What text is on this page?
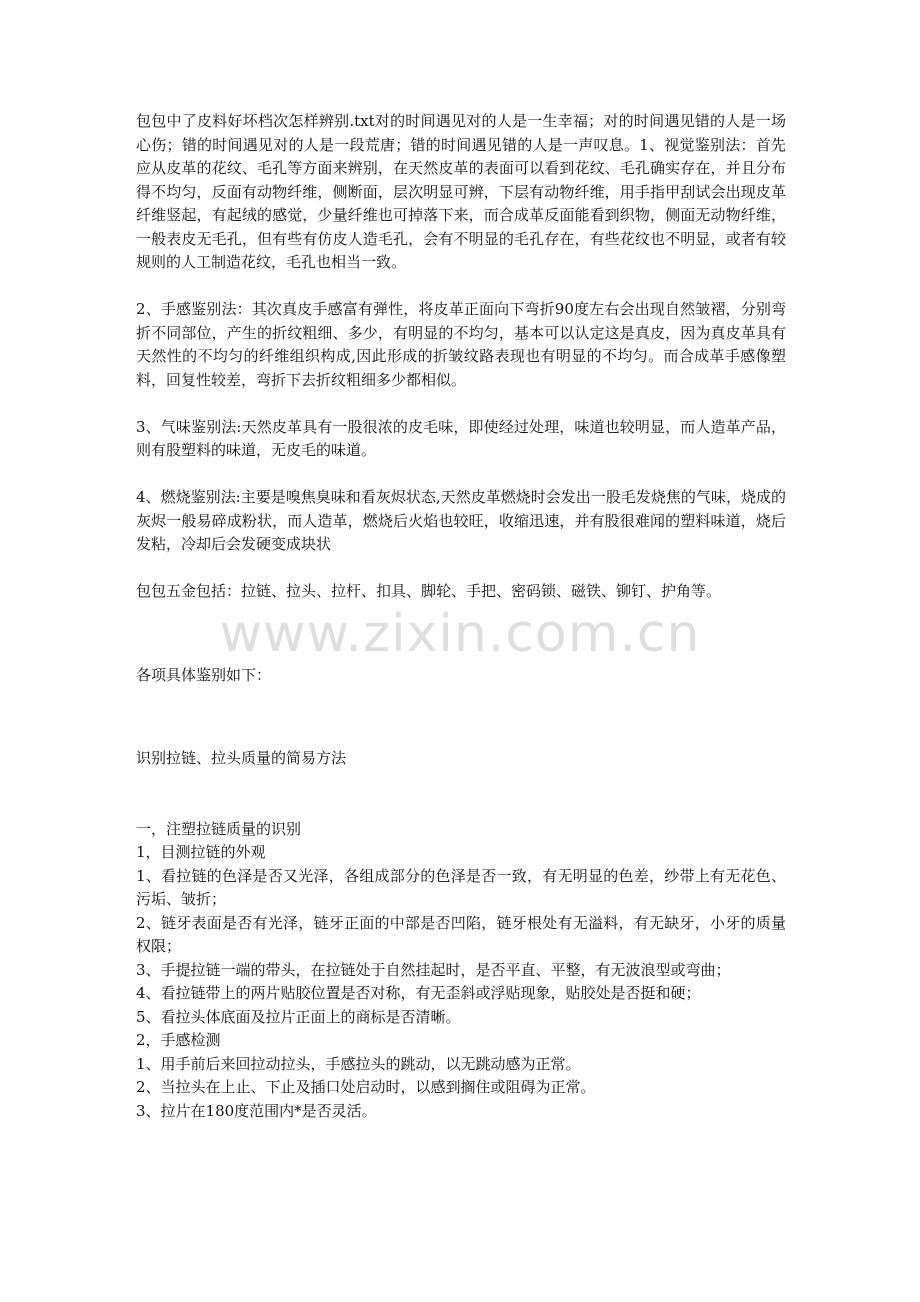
www.zixin.com.cn

包包中了皮料好坏档次怎样辨别.txt对的时间遇见对的人是一生幸福；对的时间遇见错的人是一场心伤；错的时间遇见对的人是一段荒唐；错的时间遇见错的人是一声叹息。1、视觉鉴别法：首先应从皮革的花纹、毛孔等方面来辨别，在天然皮革的表面可以看到花纹、毛孔确实存在，并且分布得不均匀，反面有动物纤维，侧断面，层次明显可辨，下层有动物纤维，用手指甲刮试会出现皮革纤维竖起，有起绒的感觉，少量纤维也可掉落下来，而合成革反面能看到织物，侧面无动物纤维，一般表皮无毛孔，但有些有仿皮人造毛孔，会有不明显的毛孔存在，有些花纹也不明显，或者有较规则的人工制造花纹，毛孔也相当一致。

2、手感鉴别法：其次真皮手感富有弹性，将皮革正面向下弯折90度左右会出现自然皱褶，分别弯折不同部位，产生的折纹粗细、多少，有明显的不均匀，基本可以认定这是真皮，因为真皮革具有天然性的不均匀的纤维组织构成,因此形成的折皱纹路表现也有明显的不均匀。而合成革手感像塑料，回复性较差，弯折下去折纹粗细多少都相似。

3、气味鉴别法:天然皮革具有一股很浓的皮毛味，即使经过处理，味道也较明显，而人造革产品，则有股塑料的味道，无皮毛的味道。

4、燃烧鉴别法:主要是嗅焦臭味和看灰烬状态,天然皮革燃烧时会发出一股毛发烧焦的气味，烧成的灰烬一般易碎成粉状，而人造革，燃烧后火焰也较旺，收缩迅速，并有股很难闻的塑料味道，烧后发粘，冷却后会发硬变成块状

包包五金包括：拉链、拉头、拉杆、扣具、脚轮、手把、密码锁、磁铁、铆钉、护角等。

各项具体鉴别如下：

识别拉链、拉头质量的简易方法

一，注塑拉链质量的识别

1，目测拉链的外观

1、看拉链的色泽是否又光泽，各组成部分的色泽是否一致，有无明显的色差，纱带上有无花色、污垢、皱折；

2、链牙表面是否有光泽，链牙正面的中部是否凹陷，链牙根处有无溢料，有无缺牙，小牙的质量权限；

3、手提拉链一端的带头，在拉链处于自然挂起时，是否平直、平整，有无波浪型或弯曲；

4、看拉链带上的两片贴胶位置是否对称，有无歪斜或浮贴现象，贴胶处是否挺和硬；

5、看拉头体底面及拉片正面上的商标是否清晰。

2，手感检测

1、用手前后来回拉动拉头，手感拉头的跳动，以无跳动感为正常。

2、当拉头在上止、下止及插口处启动时，以感到搁住或阻碍为正常。

3、拉片在180度范围内*是否灵活。
